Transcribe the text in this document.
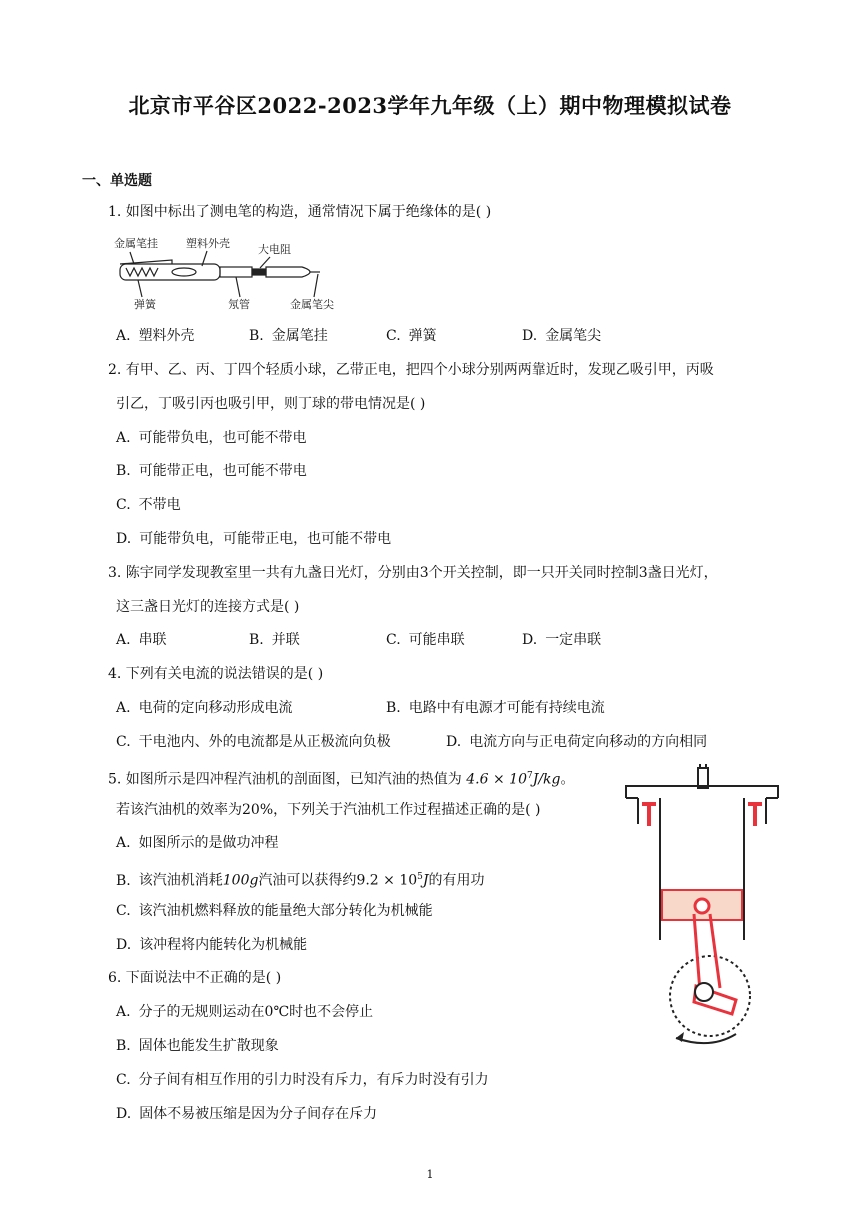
北京市平谷区2022-2023学年九年级（上）期中物理模拟试卷
一、单选题
1. 如图中标出了测电笔的构造，通常情况下属于绝缘体的是( )
金属笔挂	塑料外壳	大电阻
弹簧	氖管	金属笔尖
A. 塑料外壳	B. 金属笔挂	C. 弹簧	D. 金属笔尖
2. 有甲、乙、丙、丁四个轻质小球，乙带正电，把四个小球分别两两靠近时，发现乙吸引甲，丙吸
引乙，丁吸引丙也吸引甲，则丁球的带电情况是( )
A. 可能带负电，也可能不带电
B. 可能带正电，也可能不带电
C. 不带电
D. 可能带负电，可能带正电，也可能不带电
3. 陈宇同学发现教室里一共有九盏日光灯，分别由3个开关控制，即一只开关同时控制3盏日光灯，
这三盏日光灯的连接方式是( )
A. 串联	B. 并联	C. 可能串联	D. 一定串联
4. 下列有关电流的说法错误的是( )
A. 电荷的定向移动形成电流	B. 电路中有电源才可能有持续电流
C. 干电池内、外的电流都是从正极流向负极	D. 电流方向与正电荷定向移动的方向相同
5. 如图所示是四冲程汽油机的剖面图，已知汽油的热值为 $4.6 \times 10^7J/kg$。
若该汽油机的效率为20%，下列关于汽油机工作过程描述正确的是( )
A. 如图所示的是做功冲程
B. 该汽油机消耗100g汽油可以获得约$9.2 \times 10^5J$的有用功
C. 该汽油机燃料释放的能量绝大部分转化为机械能
D. 该冲程将内能转化为机械能
6. 下面说法中不正确的是( )
A. 分子的无规则运动在0℃时也不会停止
B. 固体也能发生扩散现象
C. 分子间有相互作用的引力时没有斥力，有斥力时没有引力
D. 固体不易被压缩是因为分子间存在斥力
1
